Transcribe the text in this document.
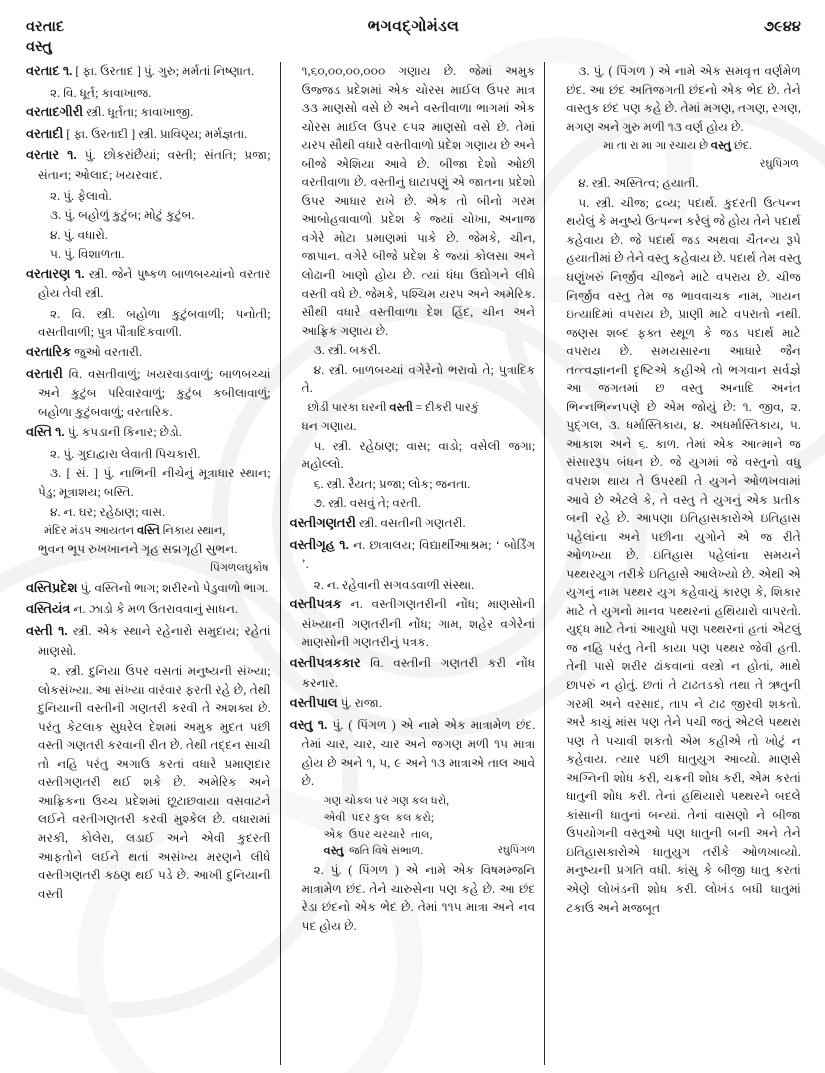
વરતાદ	ભગવદ્ગોમંડલ	૭૯૪૪
વસ્તુ

વરતાદ ૧. [ ફા. ઉરતાદ ] પું. ગુરુ; મર્મતાં નિષ્ણાત.

૨. વિ. ધૂર્ત; કાવાખાજ.

વરતાદગીરી સ્ત્રી. ધૂર્તતા; કાવાખાજી.

વરતાદી [ ફા. ઉરતાદી ] સ્ત્રી. પ્રાવિણ્ય; મર્મજ્ઞતા.

વરતાર ૧. પું. છોકરાંછૈયાં; વસ્તી; સંતતિ; પ્રજા; સંતાન; ઓલાદ; ખયરવાદ.

૨. પું. ફેલાવો.

૩. પું. બહોળું કુટુંબ; મોટું કુટુંબ.

૪. પું. વધારો.

૫. પું. વિશાળતા.

વરતારણ ૧. સ્ત્રી. જેને પુષ્કળ બાળબચ્ચાંનો વરતાર હોય તેવી સ્ત્રી.

૨. વિ. સ્ત્રી. બહોળા કુટુંબવાળી; પનોતી; વસતીવાળી; પુત્ર પૌત્રાદિકવાળી.

વરતારિક જુઓ વરતારી.

વરતારી વિ. વસતીવાળું; ખયરવાડવાળું; બાળબચ્ચાં અને કુટુંબ પરિવારવાળું; કુટુંબ કબીલાવાળું; બહોળા કુટુંબવાળું; વરતારિક.

વસ્તિ ૧. પું. કપડાની કિનાર; છેડો.

૨. પું. ગુદાદ્વારા લેવાતી પિચકારી.

૩. [ સં. ] પું. નાભિની નીચેનું મૂત્રાધાર સ્થાન; પેડુ; મૂત્રાશય; બસ્તિ.

૪. ન. ઘર; રહેઠાણ; વાસ.

મંદિર મંડપ આયતન વસ્તિ નિકાય સ્થાન,

ભુવન ભૂપ રુખખાનને ગૃહ સદ્મગૃહી સુભન.

પિંગળલઘુકોષ

વસ્તિપ્રદેશ પું. વસ્તિનો ભાગ; શરીરનો પેડુવાળો ભાગ.

વસ્તિયંત્ર ન. ઝાડો કે મળ ઉતરાવવાનું સાધન.

વસ્તી ૧. સ્ત્રી. એક સ્થાને રહેનારો સમુદાય; રહેતાં માણસો.

૨. સ્ત્રી. દુનિયા ઉપર વસતાં મનુષ્યની સંખ્યા; લોકસંખ્યા. આ સંખ્યા વારંવાર ફરતી રહે છે, તેથી દુનિયાની વસ્તીની ગણતરી કરવી તે અશક્ય છે. પરંતુ કેટલાક સુધરેલ દેશમાં અમુક મુદત પછી વસ્તી ગણતરી કરવાની રીત છે. તેથી તદ્દન સાચી તો નહિ પરંતુ અગાઉ કરતાં વધારે પ્રમાણદાર વસ્તીગણતરી થઈ શકે છે. અમેરિક અને આફ્રિકના ઉચ્ચ પ્રદેશમાં છૂટાછવાયા વસવાટને લઈને વરતીગણતરી કરવી મુશ્કેલ છે. વધારામાં મરકી, કોલેરા, લડાઈ અને એવી કુદરતી આફતોને લઈને થતાં અસંખ્ય મરણને લીધે વસ્તીગણતરી કઠણ થઈ પડે છે. આખી દુનિયાની વસ્તી

૧,૬૦,૦૦,૦૦,૦૦૦ ગણાય છે. જેમાં અમુક ઉજ્જડ પ્રદેશમાં એક ચોરસ માઈલ ઉપર માત્ર ૩૩ માણસો વસે છે અને વસ્તીવાળા ભાગમાં એક ચોરસ માઈલ ઉપર ૯૫૨ માણસો વસે છે. તેમાં યરપ સૌથી વધારે વસ્તીવાળો પ્રદેશ ગણાય છે અને બીજે એશિયા આવે છે. બીજા દેશો ઓછી વરતીવાળા છે. વસ્તીનું ઘાટાપણું એ જાતના પ્રદેશો ઉપર આધાર રાખે છે. એક તો બીનો ગરમ આબોહવાવાળો પ્રદેશ કે જ્યાં ચોખા, અનાજ વગેરે મોટા પ્રમાણમાં પાકે છે. જેમકે, ચીન, જાપાન. વગેરે બીજે પ્રદેશ કે જ્યાં કોલસા અને લોઢાની ખાણો હોય છે. ત્યાં ધંધા ઉદ્યોગને લીધે વસ્તી વધે છે. જેમકે, પશ્ચિમ યરપ અને અમેરિક. સૌથી વધારે વસ્તીવાળા દેશ હિંદ, ચીન અને આફ્રિક ગણાય છે.

૩. સ્ત્રી. બકરી.

૪. સ્ત્રી. બાળબચ્ચાં વગેરેનો ભરાવો તે; પુત્રાદિક તે.

છોડી પારકા ઘરની વસ્તી = દીકરી પારકું

ધન ગણાય.

૫. સ્ત્રી. રહેઠાણ; વાસ; વાડો; વસેલી જગા; મહોલ્લો.

૬. સ્ત્રી. રૈયત; પ્રજા; લોક; જનતા.

૭. સ્ત્રી. વસવું તે; વરતી.

વસ્તીગણતરી સ્ત્રી. વસતીની ગણતરી.

વસ્તીગૃહ ૧. ન. છાત્રાલય; વિદ્યાર્થીઆશ્રમ; ‘ બોર્ડિંગ ’.

૨. ન. રહેવાની સગવડવાળી સંસ્થા.

વસ્તીપત્રક ન. વસ્તીગણતરીની નોંધ; માણસોની સંખ્યાની ગણતરીની નોંધ; ગામ, શહેર વગેરેનાં માણસોની ગણતરીનું પત્રક.

વસ્તીપત્રકકાર વિ. વસ્તીની ગણતરી કરી નોંધ કરનાર.

વસ્તીપાલ પું. રાજા.

વસ્તુ ૧. પું. ( પિંગળ ) એ નામે એક માત્રામેળ છંદ. તેમાં ચાર, ચાર, ચાર અને જગણ મળી ૧૫ માત્રા હોય છે અને ૧, ૫, ૯ અને ૧૩ માત્રાએ તાલ આવે છે.

ગણ ચોકલ પર ગણ કલ ધરો,
એવી  પંદર કુલ  કલ કરો;
એક  ઉપર ચરચારે  તાલ,
વસ્તુ  જતિ વિષે સંભાળ.	રઘુપિંગળ

૨. પું. ( પિંગળ ) એ નામે એક વિષમમ્જનિ માત્રામેળ છંદ. તેને ચારુસેના પણ કહે છે. આ છંદ રેડા છંદનો એક ભેદ છે. તેમાં ૧૧૫ માત્રા અને નવ પદ હોય છે.

૩. પું. ( પિંગળ ) એ નામે એક સમવૃત્ત વર્ણમેળ છંદ. આ છંદ અતિજગતી છંદનો એક ભેદ છે. તેને વાસ્તુક છંદ પણ કહે છે. તેમાં મગણ, તગણ, રગણ, મગણ અને ગુરુ મળી ૧૩ વર્ણ હોય છે.

મા તા રા મા ગા રચાય છે વસ્તુ છંદ.

રઘુપિંગળ

૪. સ્ત્રી. અસ્તિત્વ; હયાતી.

૫. સ્ત્રી. ચીજ; દ્રવ્ય; પદાર્થ. કુદરતી ઉત્પન્ન થયેલું કે મનુષ્યે ઉત્પન્ન કરેલું જે હોય તેને પદાર્થ કહેવાય છે. જે પદાર્થ જડ અથવા ચૈતન્ય રૂપે હયાતીમાં છે તેને વસ્તુ કહેવાય છે. પદાર્થ તેમ વસ્તુ ઘણુંખરું નિર્જીવ ચીજને માટે વપરાય છે. ચીજ નિર્જીવ વસ્તુ તેમ જ ભાવવાચક નામ, ગાયન ઇત્યાદિમાં વપરાય છે, પ્રાણી માટે વપરાતો નથી. જણસ શબ્દ ફક્ત સ્થૂળ કે જડ પદાર્થ માટે વપરાય છે. સમયસારના આધારે જૈન તત્ત્વજ્ઞાનની દૃષ્ટિએ કહીએ તો ભગવાન સર્વજ્ઞે આ જગતમાં છ વસ્તુ અનાદિ અનંત ભિન્નભિન્નપણે છે એમ જોયું છે: ૧. જીવ, ૨. પુદ્ગલ, ૩. ધર્માસ્તિકાય, ૪. અધર્માસ્તિકાય, ૫. આકાશ અને ૬. કાળ. તેમાં એક આત્માને જ સંસારરૂપ બંધન છે. જે યુગમાં જે વસ્તુનો વધુ વપરાશ થાય તે ઉપરથી તે યુગને ઓળખવામાં આવે છે એટલે કે, તે વસ્તુ તે યુગનું એક પ્રતીક બની રહે છે. આપણા ઇતિહાસકારોએ ઇતિહાસ પહેલાંના અને પછીના યુગોને એ જ રીતે ઓળખ્યા છે. ઇતિહાસ પહેલાંના સમયને પથ્થરયુગ તરીકે ઇતિહાસે આલેખ્યો છે. એથી એ યુગનું નામ પથ્થર યુગ કહેવાયું કારણ કે, શિકાર માટે તે યુગનો માનવ પથ્થરનાં હથિયારો વાપરતો. યુદ્ધ માટે તેનાં આયુધો પણ પથ્થરનાં હતાં એટલું જ નહિ પરંતુ તેની કાયા પણ પથ્થર જેવી હતી. તેની પાસે શરીર ઢાંકવાનાં વસ્ત્રો ન હોતાં, માથે છાપરું ન હોતું. છતાં તે ટાઢતડકો તથા તે ઋતુની ગરમી અને વરસાદ, તાપ ને ટાઢ જીરવી શકતો. અરે કાચું માંસ પણ તેને પચી જતું એટલે પથ્થરા પણ તે પચાવી શકતો એમ કહીએ તો ખોટું ન કહેવાય. ત્યાર પછી ધાતુયુગ આવ્યો. માણસે અગ્નિની શોધ કરી, ચક્રની શોધ કરી, એમ કરતાં ધાતુની શોધ કરી. તેનાં હથિયારો પથ્થરને બદલે કાંસાની ધાતુનાં બન્યાં. તેનાં વાસણો ને બીજા ઉપયોગની વસ્તુઓ પણ ધાતુની બની અને તેને ઇતિહાસકારોએ ધાતુયુગ તરીકે ઓળખાવ્યો. મનુષ્યની પ્રગતિ વધી. કાંસુ કે બીજી ધાતુ કરતાં એણે લોખંડની શોધ કરી. લોખંડ બધી ધાતુમાં ટકાઉ અને મજબૂત
